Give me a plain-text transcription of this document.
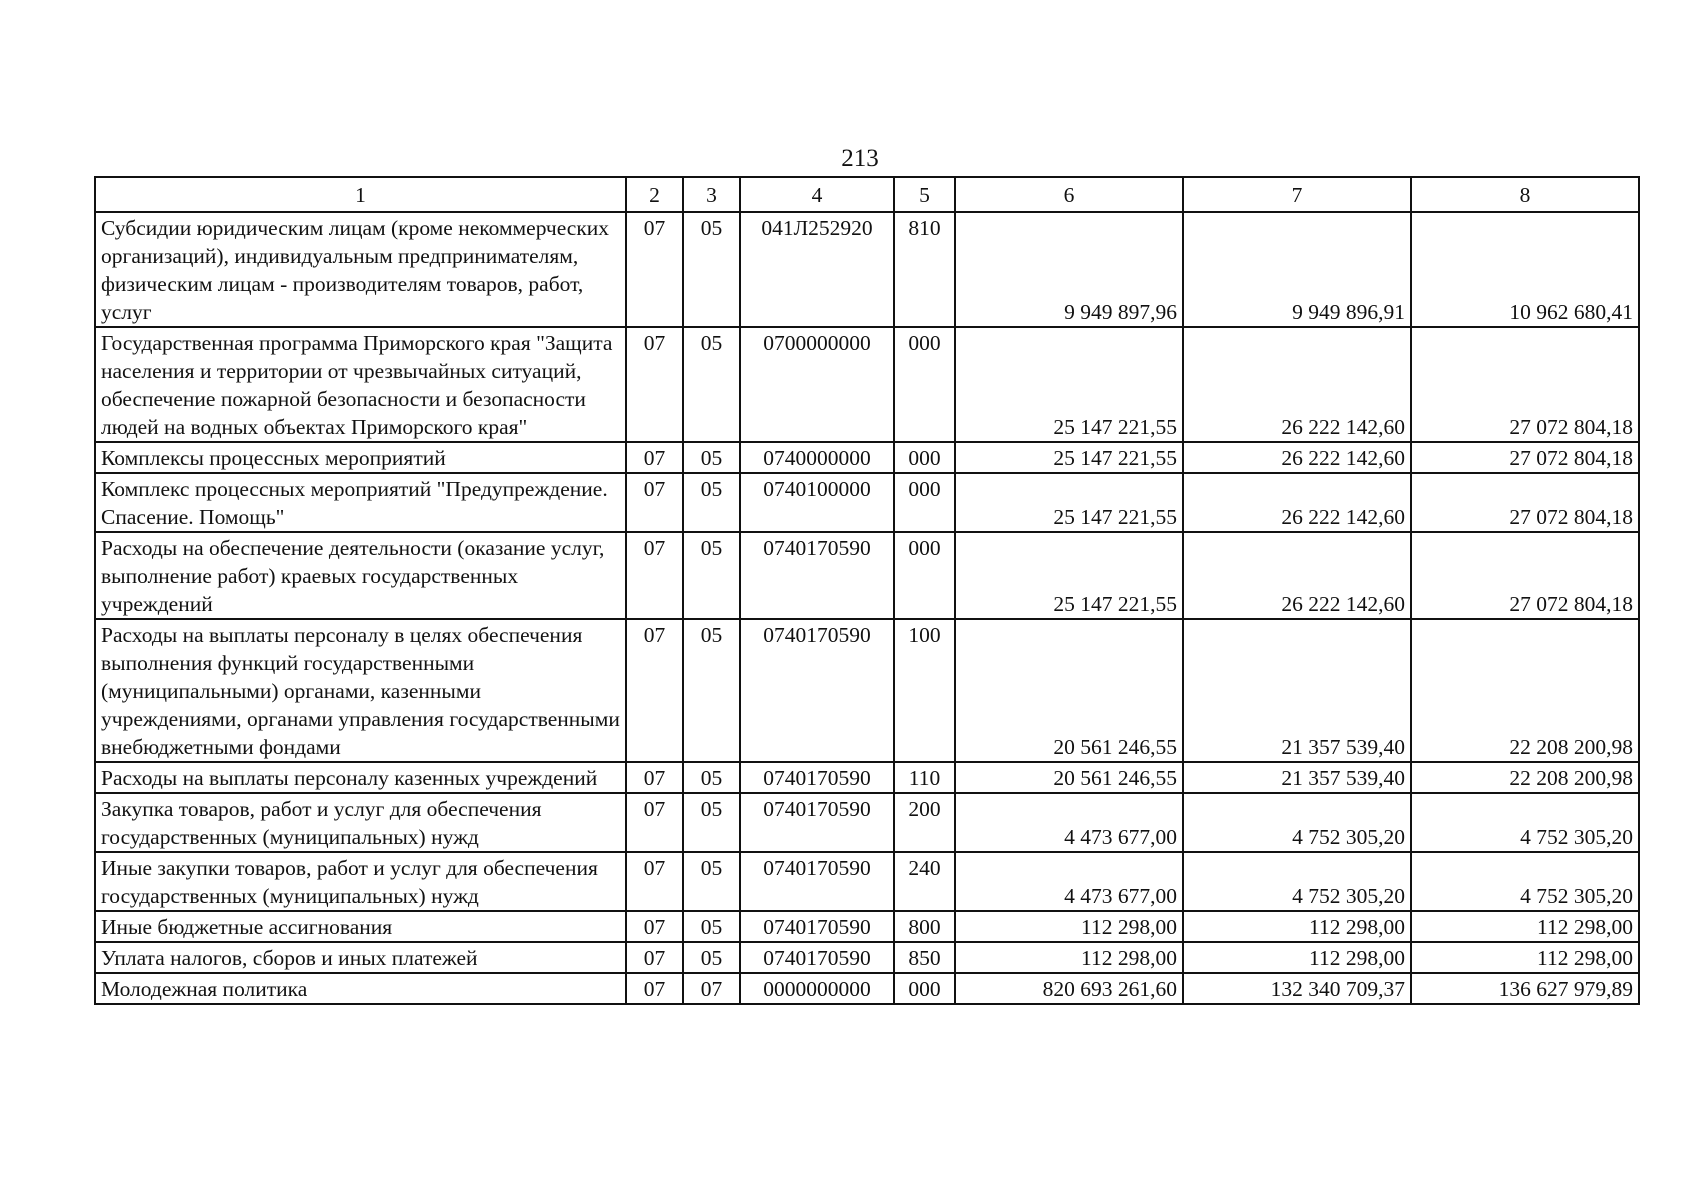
213
1	2	3	4	5	6	7	8
Субсидии юридическим лицам (кроме некоммерческих организаций), индивидуальным предпринимателям, физическим лицам - производителям товаров, работ, услуг	07	05	041Л252920	810	9 949 897,96	9 949 896,91	10 962 680,41
Государственная программа Приморского края "Защита населения и территории от чрезвычайных ситуаций, обеспечение пожарной безопасности и безопасности людей на водных объектах Приморского края"	07	05	0700000000	000	25 147 221,55	26 222 142,60	27 072 804,18
Комплексы процессных мероприятий	07	05	0740000000	000	25 147 221,55	26 222 142,60	27 072 804,18
Комплекс процессных мероприятий "Предупреждение. Спасение. Помощь"	07	05	0740100000	000	25 147 221,55	26 222 142,60	27 072 804,18
Расходы на обеспечение деятельности (оказание услуг, выполнение работ) краевых государственных учреждений	07	05	0740170590	000	25 147 221,55	26 222 142,60	27 072 804,18
Расходы на выплаты персоналу в целях обеспечения выполнения функций государственными (муниципальными) органами, казенными учреждениями, органами управления государственными внебюджетными фондами	07	05	0740170590	100	20 561 246,55	21 357 539,40	22 208 200,98
Расходы на выплаты персоналу казенных учреждений	07	05	0740170590	110	20 561 246,55	21 357 539,40	22 208 200,98
Закупка товаров, работ и услуг для обеспечения государственных (муниципальных) нужд	07	05	0740170590	200	4 473 677,00	4 752 305,20	4 752 305,20
Иные закупки товаров, работ и услуг для обеспечения государственных (муниципальных) нужд	07	05	0740170590	240	4 473 677,00	4 752 305,20	4 752 305,20
Иные бюджетные ассигнования	07	05	0740170590	800	112 298,00	112 298,00	112 298,00
Уплата налогов, сборов и иных платежей	07	05	0740170590	850	112 298,00	112 298,00	112 298,00
Молодежная политика	07	07	0000000000	000	820 693 261,60	132 340 709,37	136 627 979,89
